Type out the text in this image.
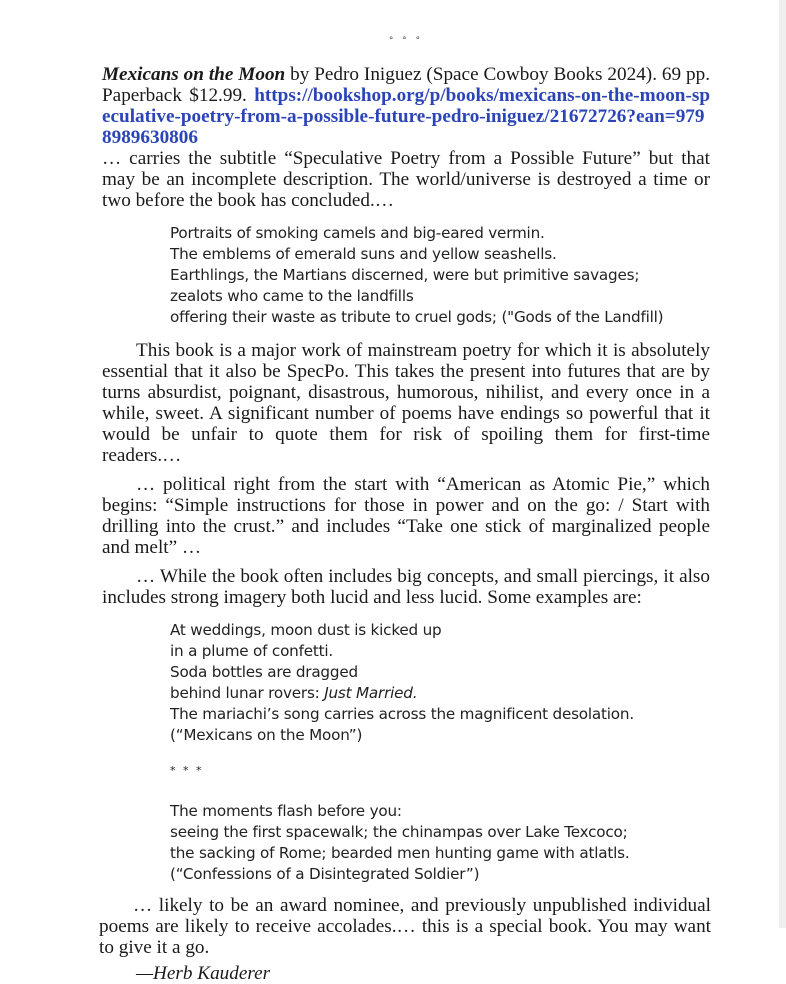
° ° °
Mexicans on the Moon by Pedro Iniguez (Space Cowboy Books 2024). 69 pp. Paperback $12.99. https://bookshop.org/p/books/mexicans-on-the-moon-speculative-poetry-from-a-possible-future-pedro-iniguez/21672726?ean=9798989630806
… carries the subtitle “Speculative Poetry from a Possible Future” but that may be an incomplete description. The world/universe is destroyed a time or two before the book has concluded.…
Portraits of smoking camels and big-eared vermin.
The emblems of emerald suns and yellow seashells.
Earthlings, the Martians discerned, were but primitive savages;
zealots who came to the landfills
offering their waste as tribute to cruel gods; ("Gods of the Landfill)
This book is a major work of mainstream poetry for which it is absolutely essential that it also be SpecPo. This takes the present into futures that are by turns absurdist, poignant, disastrous, humorous, nihilist, and every once in a while, sweet. A significant number of poems have endings so powerful that it would be unfair to quote them for risk of spoiling them for first-time readers.…
… political right from the start with “American as Atomic Pie,” which begins: “Simple instructions for those in power and on the go: / Start with drilling into the crust.” and includes “Take one stick of marginalized people and melt” …
… While the book often includes big concepts, and small piercings, it also includes strong imagery both lucid and less lucid. Some examples are:
At weddings, moon dust is kicked up
in a plume of confetti.
Soda bottles are dragged
behind lunar rovers: Just Married.
The mariachi’s song carries across the magnificent desolation.
(“Mexicans on the Moon”)
* * *
The moments flash before you:
seeing the first spacewalk; the chinampas over Lake Texcoco;
the sacking of Rome; bearded men hunting game with atlatls.
(“Confessions of a Disintegrated Soldier”)
… likely to be an award nominee, and previously unpublished individual poems are likely to receive accolades.… this is a special book. You may want to give it a go.
—Herb Kauderer
